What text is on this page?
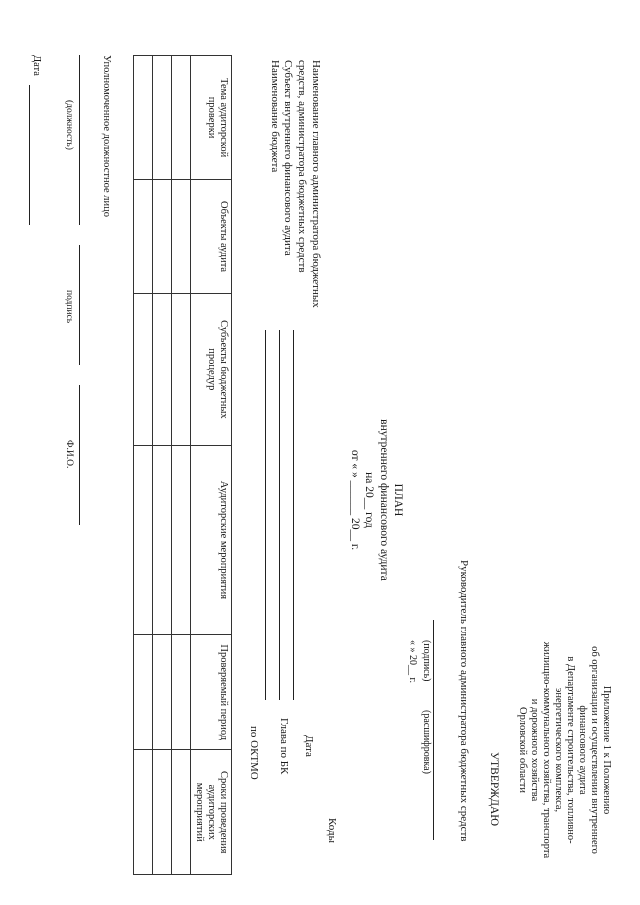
Приложение 1 к Положению
об организации и осуществлении внутреннего
финансового аудита
в Департаменте строительства, топливно-
энергетического комплекса,
жилищно-коммунального хозяйства, транспорта
и дорожного хозяйства
Орловской области
УТВЕРЖДАЮ
Руководитель главного администратора бюджетных средств
(подпись)
(расшифровка)
« » 20__ г.
ПЛАН
внутреннего финансового аудита
на 20__ год
от « » ______ 20__ г.
Коды
Дата
Глава по БК
по ОКТМО
Наименование главного администратора бюджетных
средств, администратора бюджетных средств
Субъект внутреннего финансового аудита
Наименование бюджета
Тема аудиторской проверки	Объекты аудита	Субъекты бюджетных процедур	Аудиторские мероприятия	Проверяемый период	Сроки проведения аудиторских мероприятий

Уполномоченное должностное лицо
(должность)
подпись
Ф.И.О.
Дата
